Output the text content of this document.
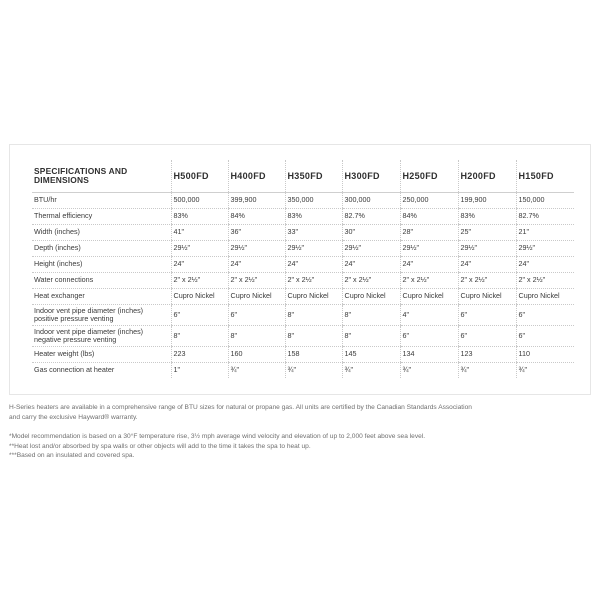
SPECIFICATIONS AND DIMENSIONS	H500FD	H400FD	H350FD	H300FD	H250FD	H200FD	H150FD
BTU/hr	500,000	399,900	350,000	300,000	250,000	199,900	150,000
Thermal efficiency	83%	84%	83%	82.7%	84%	83%	82.7%
Width (inches)	41"	36"	33"	30"	28"	25"	21"
Depth (inches)	29½"	29½"	29½"	29½"	29½"	29½"	29½"
Height (inches)	24"	24"	24"	24"	24"	24"	24"
Water connections	2" x 2½"	2" x 2½"	2" x 2½"	2" x 2½"	2" x 2½"	2" x 2½"	2" x 2½"
Heat exchanger	Cupro Nickel	Cupro Nickel	Cupro Nickel	Cupro Nickel	Cupro Nickel	Cupro Nickel	Cupro Nickel
Indoor vent pipe diameter (inches) positive pressure venting	6"	6"	8"	8"	4"	6"	6"
Indoor vent pipe diameter (inches) negative pressure venting	8"	8"	8"	8"	6"	6"	6"
Heater weight (lbs)	223	160	158	145	134	123	110
Gas connection at heater	1"	¾"	¾"	¾"	¾"	¾"	¾"

H-Series heaters are available in a comprehensive range of BTU sizes for natural or propane gas. All units are certified by the Canadian Standards Association

and carry the exclusive Hayward® warranty.

*Model recommendation is based on a 30°F temperature rise, 3½ mph average wind velocity and elevation of up to 2,000 feet above sea level.

**Heat lost and/or absorbed by spa walls or other objects will add to the time it takes the spa to heat up.

***Based on an insulated and covered spa.
